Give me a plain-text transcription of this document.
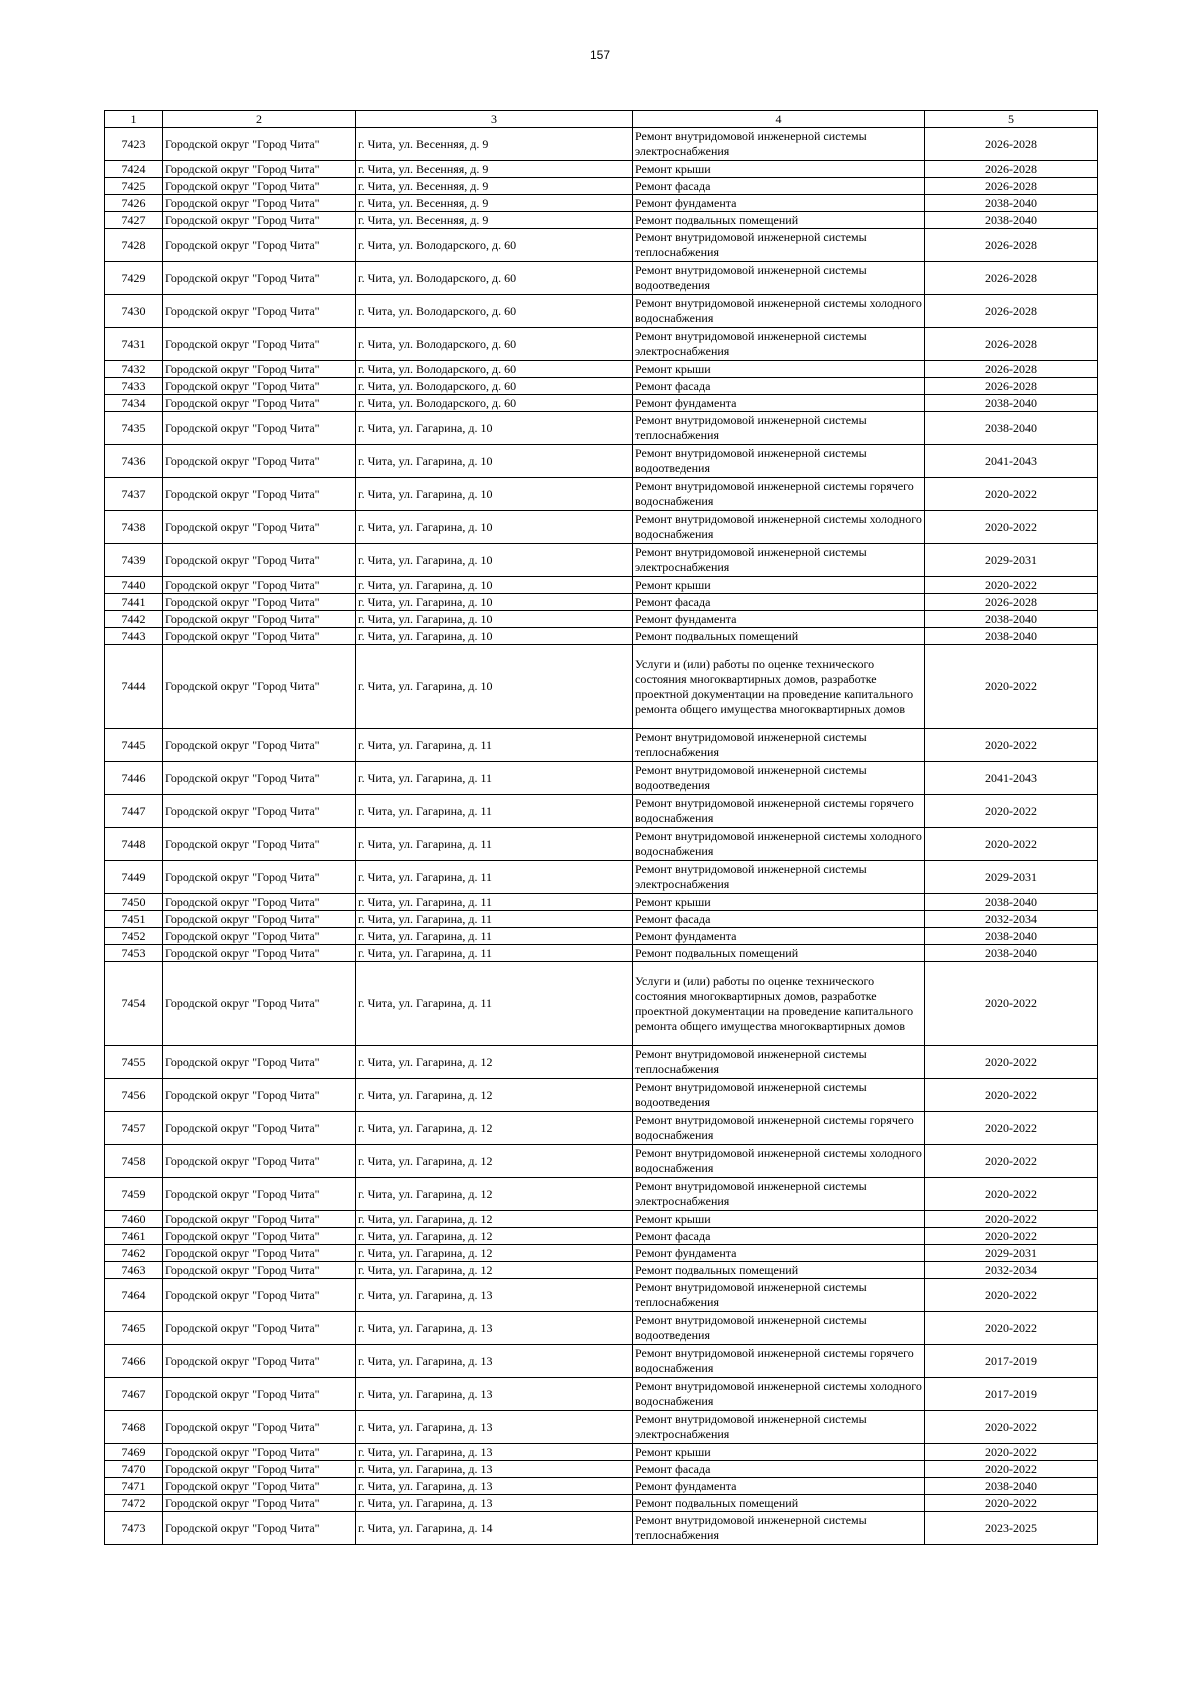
157
1	2	3	4	5
7423	Городской округ "Город Чита"	г. Чита, ул. Весенняя, д. 9	Ремонт внутридомовой инженерной системы электроснабжения	2026-2028
7424	Городской округ "Город Чита"	г. Чита, ул. Весенняя, д. 9	Ремонт крыши	2026-2028
7425	Городской округ "Город Чита"	г. Чита, ул. Весенняя, д. 9	Ремонт фасада	2026-2028
7426	Городской округ "Город Чита"	г. Чита, ул. Весенняя, д. 9	Ремонт фундамента	2038-2040
7427	Городской округ "Город Чита"	г. Чита, ул. Весенняя, д. 9	Ремонт подвальных помещений	2038-2040
7428	Городской округ "Город Чита"	г. Чита, ул. Володарского, д. 60	Ремонт внутридомовой инженерной системы теплоснабжения	2026-2028
7429	Городской округ "Город Чита"	г. Чита, ул. Володарского, д. 60	Ремонт внутридомовой инженерной системы водоотведения	2026-2028
7430	Городской округ "Город Чита"	г. Чита, ул. Володарского, д. 60	Ремонт внутридомовой инженерной системы холодного водоснабжения	2026-2028
7431	Городской округ "Город Чита"	г. Чита, ул. Володарского, д. 60	Ремонт внутридомовой инженерной системы электроснабжения	2026-2028
7432	Городской округ "Город Чита"	г. Чита, ул. Володарского, д. 60	Ремонт крыши	2026-2028
7433	Городской округ "Город Чита"	г. Чита, ул. Володарского, д. 60	Ремонт фасада	2026-2028
7434	Городской округ "Город Чита"	г. Чита, ул. Володарского, д. 60	Ремонт фундамента	2038-2040
7435	Городской округ "Город Чита"	г. Чита, ул. Гагарина, д. 10	Ремонт внутридомовой инженерной системы теплоснабжения	2038-2040
7436	Городской округ "Город Чита"	г. Чита, ул. Гагарина, д. 10	Ремонт внутридомовой инженерной системы водоотведения	2041-2043
7437	Городской округ "Город Чита"	г. Чита, ул. Гагарина, д. 10	Ремонт внутридомовой инженерной системы горячего водоснабжения	2020-2022
7438	Городской округ "Город Чита"	г. Чита, ул. Гагарина, д. 10	Ремонт внутридомовой инженерной системы холодного водоснабжения	2020-2022
7439	Городской округ "Город Чита"	г. Чита, ул. Гагарина, д. 10	Ремонт внутридомовой инженерной системы электроснабжения	2029-2031
7440	Городской округ "Город Чита"	г. Чита, ул. Гагарина, д. 10	Ремонт крыши	2020-2022
7441	Городской округ "Город Чита"	г. Чита, ул. Гагарина, д. 10	Ремонт фасада	2026-2028
7442	Городской округ "Город Чита"	г. Чита, ул. Гагарина, д. 10	Ремонт фундамента	2038-2040
7443	Городской округ "Город Чита"	г. Чита, ул. Гагарина, д. 10	Ремонт подвальных помещений	2038-2040
7444	Городской округ "Город Чита"	г. Чита, ул. Гагарина, д. 10	Услуги и (или) работы по оценке технического состояния многоквартирных домов, разработке проектной документации на проведение капитального ремонта общего имущества многоквартирных домов	2020-2022
7445	Городской округ "Город Чита"	г. Чита, ул. Гагарина, д. 11	Ремонт внутридомовой инженерной системы теплоснабжения	2020-2022
7446	Городской округ "Город Чита"	г. Чита, ул. Гагарина, д. 11	Ремонт внутридомовой инженерной системы водоотведения	2041-2043
7447	Городской округ "Город Чита"	г. Чита, ул. Гагарина, д. 11	Ремонт внутридомовой инженерной системы горячего водоснабжения	2020-2022
7448	Городской округ "Город Чита"	г. Чита, ул. Гагарина, д. 11	Ремонт внутридомовой инженерной системы холодного водоснабжения	2020-2022
7449	Городской округ "Город Чита"	г. Чита, ул. Гагарина, д. 11	Ремонт внутридомовой инженерной системы электроснабжения	2029-2031
7450	Городской округ "Город Чита"	г. Чита, ул. Гагарина, д. 11	Ремонт крыши	2038-2040
7451	Городской округ "Город Чита"	г. Чита, ул. Гагарина, д. 11	Ремонт фасада	2032-2034
7452	Городской округ "Город Чита"	г. Чита, ул. Гагарина, д. 11	Ремонт фундамента	2038-2040
7453	Городской округ "Город Чита"	г. Чита, ул. Гагарина, д. 11	Ремонт подвальных помещений	2038-2040
7454	Городской округ "Город Чита"	г. Чита, ул. Гагарина, д. 11	Услуги и (или) работы по оценке технического состояния многоквартирных домов, разработке проектной документации на проведение капитального ремонта общего имущества многоквартирных домов	2020-2022
7455	Городской округ "Город Чита"	г. Чита, ул. Гагарина, д. 12	Ремонт внутридомовой инженерной системы теплоснабжения	2020-2022
7456	Городской округ "Город Чита"	г. Чита, ул. Гагарина, д. 12	Ремонт внутридомовой инженерной системы водоотведения	2020-2022
7457	Городской округ "Город Чита"	г. Чита, ул. Гагарина, д. 12	Ремонт внутридомовой инженерной системы горячего водоснабжения	2020-2022
7458	Городской округ "Город Чита"	г. Чита, ул. Гагарина, д. 12	Ремонт внутридомовой инженерной системы холодного водоснабжения	2020-2022
7459	Городской округ "Город Чита"	г. Чита, ул. Гагарина, д. 12	Ремонт внутридомовой инженерной системы электроснабжения	2020-2022
7460	Городской округ "Город Чита"	г. Чита, ул. Гагарина, д. 12	Ремонт крыши	2020-2022
7461	Городской округ "Город Чита"	г. Чита, ул. Гагарина, д. 12	Ремонт фасада	2020-2022
7462	Городской округ "Город Чита"	г. Чита, ул. Гагарина, д. 12	Ремонт фундамента	2029-2031
7463	Городской округ "Город Чита"	г. Чита, ул. Гагарина, д. 12	Ремонт подвальных помещений	2032-2034
7464	Городской округ "Город Чита"	г. Чита, ул. Гагарина, д. 13	Ремонт внутридомовой инженерной системы теплоснабжения	2020-2022
7465	Городской округ "Город Чита"	г. Чита, ул. Гагарина, д. 13	Ремонт внутридомовой инженерной системы водоотведения	2020-2022
7466	Городской округ "Город Чита"	г. Чита, ул. Гагарина, д. 13	Ремонт внутридомовой инженерной системы горячего водоснабжения	2017-2019
7467	Городской округ "Город Чита"	г. Чита, ул. Гагарина, д. 13	Ремонт внутридомовой инженерной системы холодного водоснабжения	2017-2019
7468	Городской округ "Город Чита"	г. Чита, ул. Гагарина, д. 13	Ремонт внутридомовой инженерной системы электроснабжения	2020-2022
7469	Городской округ "Город Чита"	г. Чита, ул. Гагарина, д. 13	Ремонт крыши	2020-2022
7470	Городской округ "Город Чита"	г. Чита, ул. Гагарина, д. 13	Ремонт фасада	2020-2022
7471	Городской округ "Город Чита"	г. Чита, ул. Гагарина, д. 13	Ремонт фундамента	2038-2040
7472	Городской округ "Город Чита"	г. Чита, ул. Гагарина, д. 13	Ремонт подвальных помещений	2020-2022
7473	Городской округ "Город Чита"	г. Чита, ул. Гагарина, д. 14	Ремонт внутридомовой инженерной системы теплоснабжения	2023-2025
